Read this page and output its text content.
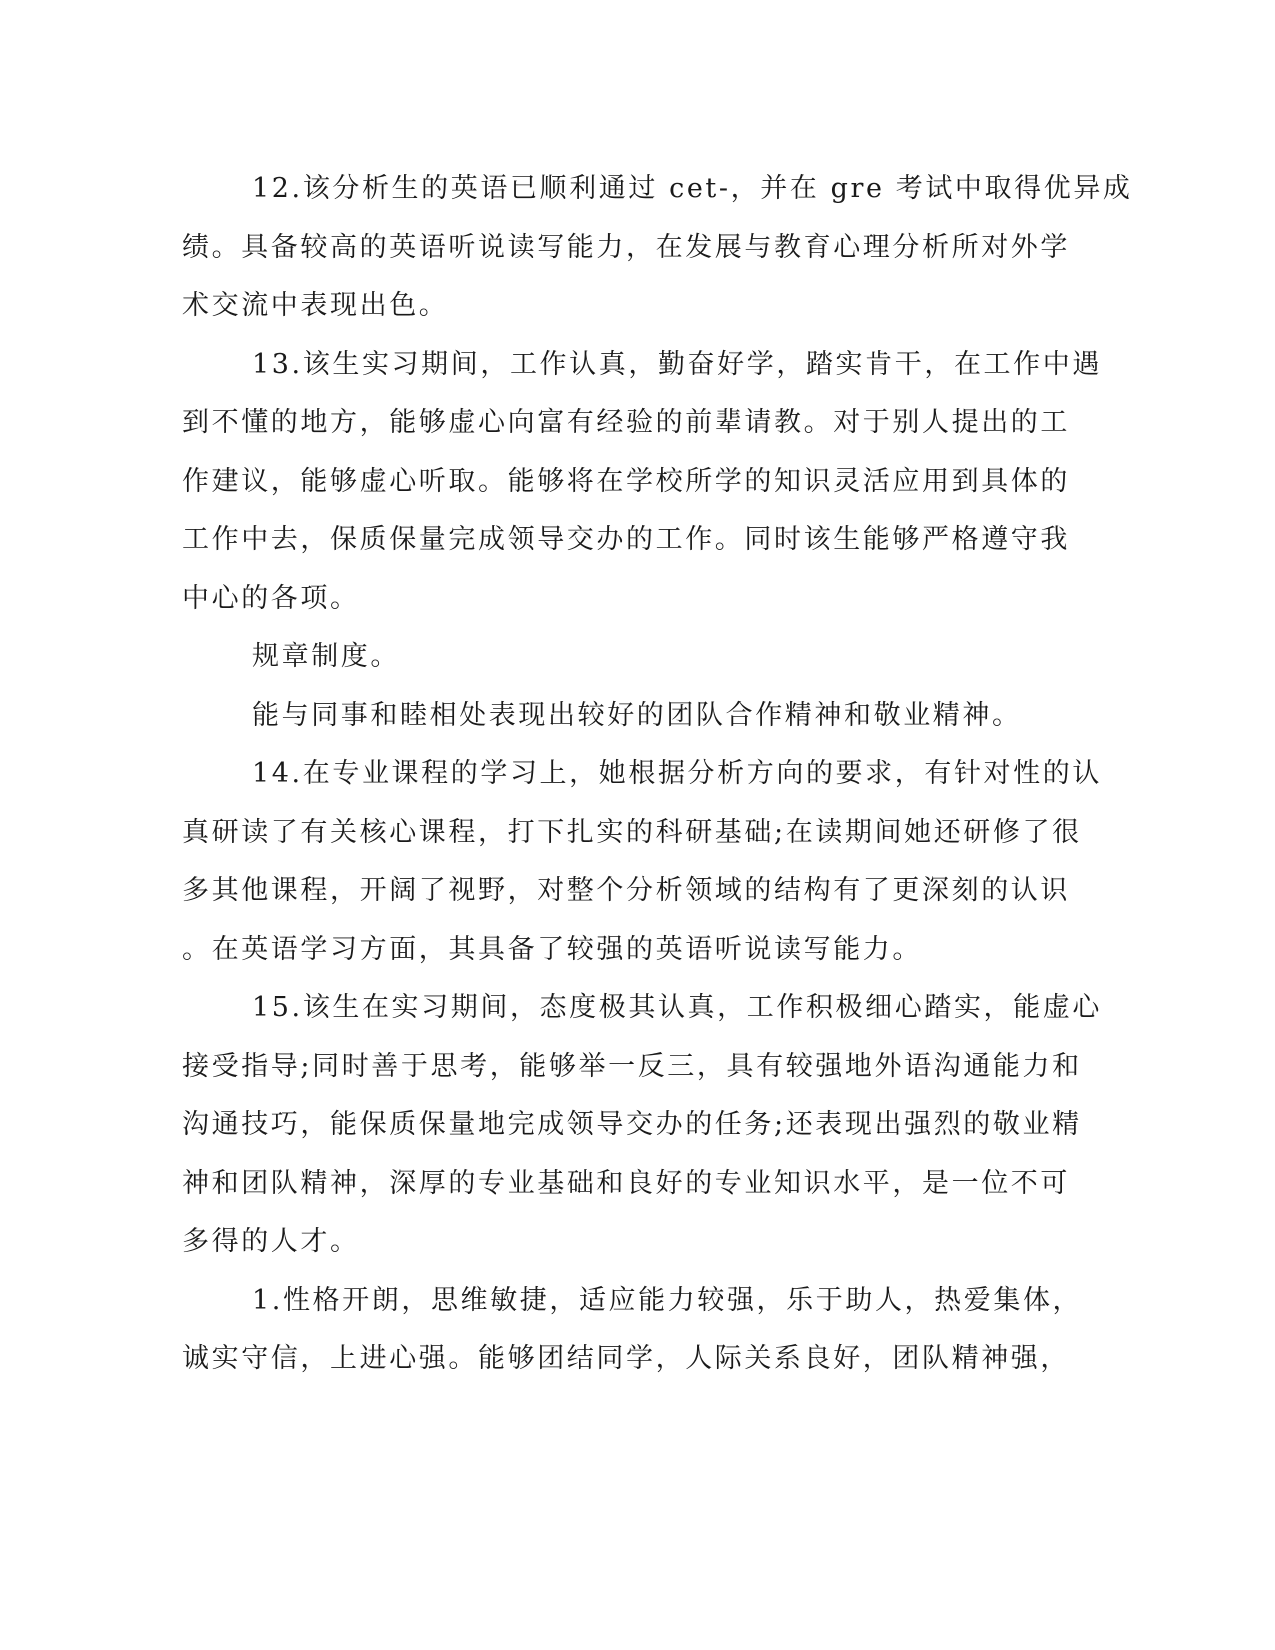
12.该分析生的英语已顺利通过 cet-，并在 gre 考试中取得优异成
绩。具备较高的英语听说读写能力，在发展与教育心理分析所对外学
术交流中表现出色。
13.该生实习期间，工作认真，勤奋好学，踏实肯干，在工作中遇
到不懂的地方，能够虚心向富有经验的前辈请教。对于别人提出的工
作建议，能够虚心听取。能够将在学校所学的知识灵活应用到具体的
工作中去，保质保量完成领导交办的工作。同时该生能够严格遵守我
中心的各项。
规章制度。
能与同事和睦相处表现出较好的团队合作精神和敬业精神。
14.在专业课程的学习上，她根据分析方向的要求，有针对性的认
真研读了有关核心课程，打下扎实的科研基础;在读期间她还研修了很
多其他课程，开阔了视野，对整个分析领域的结构有了更深刻的认识
。在英语学习方面，其具备了较强的英语听说读写能力。
15.该生在实习期间，态度极其认真，工作积极细心踏实，能虚心
接受指导;同时善于思考，能够举一反三，具有较强地外语沟通能力和
沟通技巧，能保质保量地完成领导交办的任务;还表现出强烈的敬业精
神和团队精神，深厚的专业基础和良好的专业知识水平，是一位不可
多得的人才。
1.性格开朗，思维敏捷，适应能力较强，乐于助人，热爱集体，
诚实守信，上进心强。能够团结同学，人际关系良好，团队精神强，
